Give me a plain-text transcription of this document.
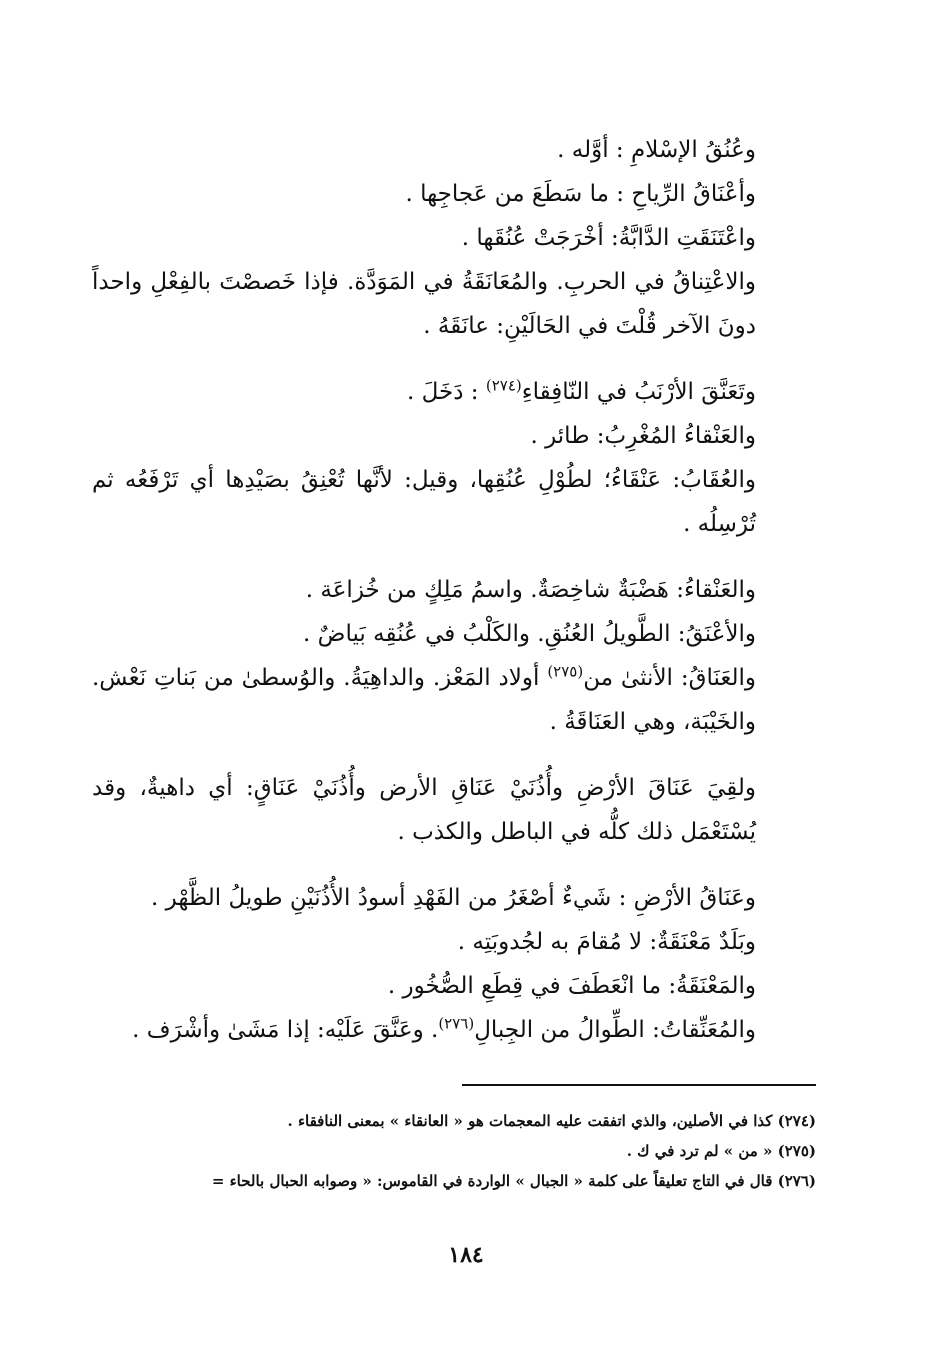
وعُنُقُ الإسْلامِ : أوَّله .

وأعْنَاقُ الرِّياحِ : ما سَطَعَ من عَجاجِها .

واعْتَنَقَتِ الدَّابَّةُ: أخْرَجَتْ عُنُقَها .

والاعْتِناقُ في الحربِ. والمُعَانَقَةُ في المَوَدَّة. فإذا خَصصْتَ بالفِعْلِ واحداً دونَ الآخر قُلْتَ في الحَالَيْنِ: عانَقَهُ .

وتَعَنَّقَ الأرْنَبُ في النّافِقاءِ$^{(٢٧٤)}$ : دَخَلَ .

والعَنْقاءُ المُغْرِبُ: طائر .

والعُقَابُ: عَنْقَاءُ؛ لطُوْلِ عُنُقِها، وقيل: لأنَّها تُعْنِقُ بصَيْدِها أي تَرْفَعُه ثم تُرْسِلُه .

والعَنْقاءُ: هَضْبَةٌ شاخِصَةٌ. واسمُ مَلِكٍ من خُزاعَة .

والأعْنَقُ: الطَّويلُ العُنُقِ. والكَلْبُ في عُنُقِه بَياضٌ .

والعَنَاقُ: الأنثىٰ من$^{(٢٧٥)}$ أولاد المَعْز. والداهِيَةُ. والوُسطىٰ من بَناتِ نَعْش. والخَيْبَة، وهي العَنَاقَةُ .

ولقِيَ عَنَاقَ الأرْضِ وأُذُنَيْ عَنَاقِ الأرض وأُذُنَيْ عَنَاقٍ: أي داهيةٌ، وقد يُسْتَعْمَل ذلك كلُّه في الباطل والكذب .

وعَنَاقُ الأرْضِ : شَيءٌ أصْغَرُ من الفَهْدِ أسودُ الأُذُنَيْنِ طويلُ الظَّهْر .

وبَلَدٌ مَعْنَقَةٌ: لا مُقامَ به لجُدوبَتِه .

والمَعْنَقَةُ: ما انْعَطَفَ في قِطَعِ الصُّخُور .

والمُعَنِّقاتُ: الطِّوالُ من الجِبالِ$^{(٢٧٦)}$. وعَنَّقَ عَلَيْه: إذا مَشَىٰ وأشْرَف .

(٢٧٤) كذا في الأصلين، والذي اتفقت عليه المعجمات هو « العانقاء » بمعنى النافقاء .

(٢٧٥) « من » لم ترد في ك .

(٢٧٦) قال في التاج تعليقاً على كلمة « الجبال » الواردة في القاموس: « وصوابه الحبال بالحاء =

١٨٤
